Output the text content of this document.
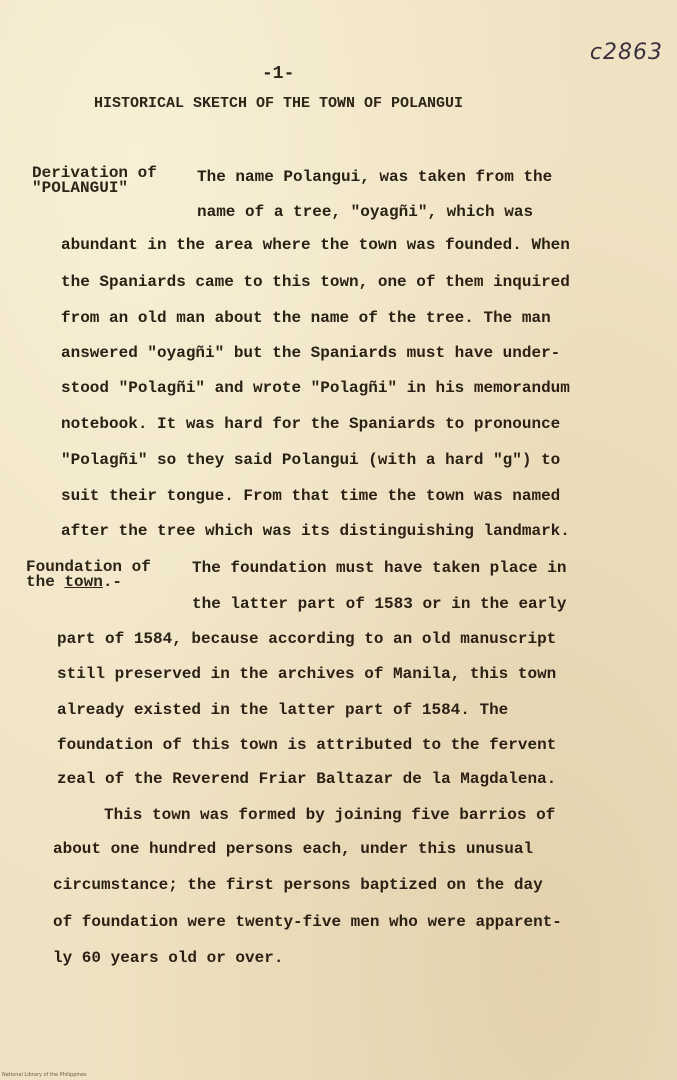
c2863
-1-
HISTORICAL SKETCH OF THE TOWN OF POLANGUI
Derivation of
"POLANGUI"
Foundation of
the town.-
The name Polangui, was taken from the
name of a tree, "oyagñi", which was
abundant in the area where the town was founded. When
the Spaniards came to this town, one of them inquired
from an old man about the name of the tree. The man
answered "oyagñi" but the Spaniards must have under-
stood "Polagñi" and wrote "Polagñi" in his memorandum
notebook. It was hard for the Spaniards to pronounce
"Polagñi" so they said Polangui (with a hard "g") to
suit their tongue. From that time the town was named
after the tree which was its distinguishing landmark.
The foundation must have taken place in
the latter part of 1583 or in the early
part of 1584, because according to an old manuscript
still preserved in the archives of Manila, this town
already existed in the latter part of 1584. The
foundation of this town is attributed to the fervent
zeal of the Reverend Friar Baltazar de la Magdalena.
This town was formed by joining five barrios of
about one hundred persons each, under this unusual
circumstance; the first persons baptized on the day
of foundation were twenty-five men who were apparent-
ly 60 years old or over.
National Library of the Philippines
